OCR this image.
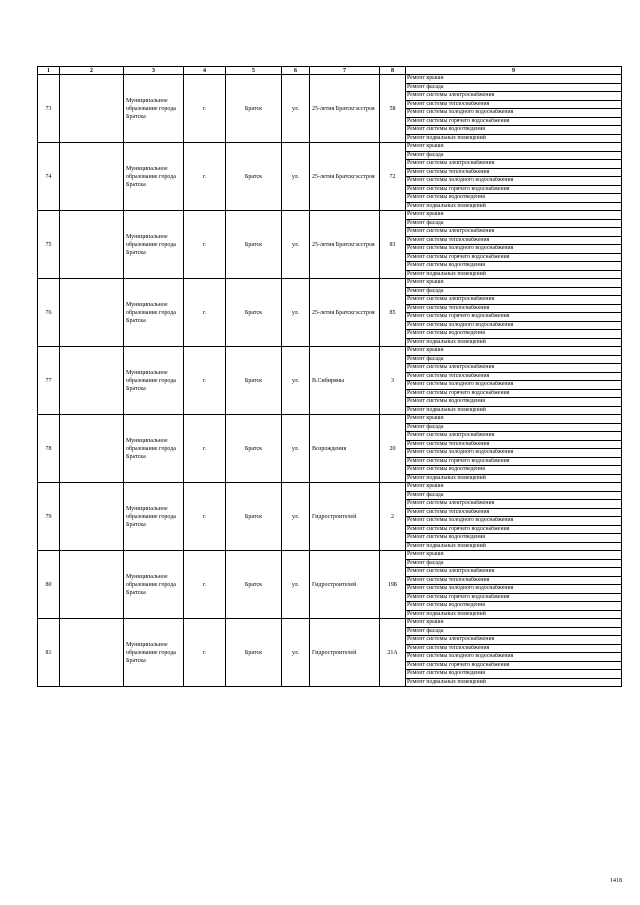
1	2	3	4	5	6	7	8	9
73		Муниципальное образование города Братска	г.	Братск	ул.	25-летия Братскгэсстроя	58	Ремонт крыши
								Ремонт фасада
								Ремонт системы электроснабжения
								Ремонт системы теплоснабжения
								Ремонт системы холодного водоснабжения
								Ремонт системы горячего водоснабжения
								Ремонт системы водоотведения
								Ремонт подвальных помещений
74		Муниципальное образование города Братска	г.	Братск	ул.	25-летия Братскгэсстроя	72	Ремонт крыши
								Ремонт фасада
								Ремонт системы электроснабжения
								Ремонт системы теплоснабжения
								Ремонт системы холодного водоснабжения
								Ремонт системы горячего водоснабжения
								Ремонт системы водоотведения
								Ремонт подвальных помещений
75		Муниципальное образование города Братска	г.	Братск	ул.	25-летия Братскгэсстроя	83	Ремонт крыши
								Ремонт фасада
								Ремонт системы электроснабжения
								Ремонт системы теплоснабжения
								Ремонт системы холодного водоснабжения
								Ремонт системы горячего водоснабжения
								Ремонт системы водоотведения
								Ремонт подвальных помещений
76		Муниципальное образование города Братска	г.	Братск	ул.	25-летия Братскгэсстроя	85	Ремонт крыши
								Ремонт фасада
								Ремонт системы электроснабжения
								Ремонт системы теплоснабжения
								Ремонт системы горячего водоснабжения
								Ремонт системы холодного водоснабжения
								Ремонт системы водоотведения
								Ремонт подвальных помещений
77		Муниципальное образование города Братска	г.	Братск	ул.	В.Сибиряны	3	Ремонт крыши
								Ремонт фасада
								Ремонт системы электроснабжения
								Ремонт системы теплоснабжения
								Ремонт системы холодного водоснабжения
								Ремонт системы горячего водоснабжения
								Ремонт системы водоотведения
								Ремонт подвальных помещений
78		Муниципальное образование города Братска	г.	Братск	ул.	Возрождения	20	Ремонт крыши
								Ремонт фасада
								Ремонт системы электроснабжения
								Ремонт системы теплоснабжения
								Ремонт системы холодного водоснабжения
								Ремонт системы горячего водоснабжения
								Ремонт системы водоотведения
								Ремонт подвальных помещений
79		Муниципальное образование города Братска	г.	Братск	ул.	Гидростроителей	2	Ремонт крыши
								Ремонт фасада
								Ремонт системы электроснабжения
								Ремонт системы теплоснабжения
								Ремонт системы холодного водоснабжения
								Ремонт системы горячего водоснабжения
								Ремонт системы водоотведения
								Ремонт подвальных помещений
80		Муниципальное образование города Братска	г.	Братск	ул.	Гидростроителей	19Б	Ремонт крыши
								Ремонт фасада
								Ремонт системы электроснабжения
								Ремонт системы теплоснабжения
								Ремонт системы холодного водоснабжения
								Ремонт системы горячего водоснабжения
								Ремонт системы водоотведения
								Ремонт подвальных помещений
81		Муниципальное образование города Братска	г.	Братск	ул.	Гидростроителей	21А	Ремонт крыши
								Ремонт фасада
								Ремонт системы электроснабжения
								Ремонт системы теплоснабжения
								Ремонт системы холодного водоснабжения
								Ремонт системы горячего водоснабжения
								Ремонт системы водоотведения
								Ремонт подвальных помещений
1418
